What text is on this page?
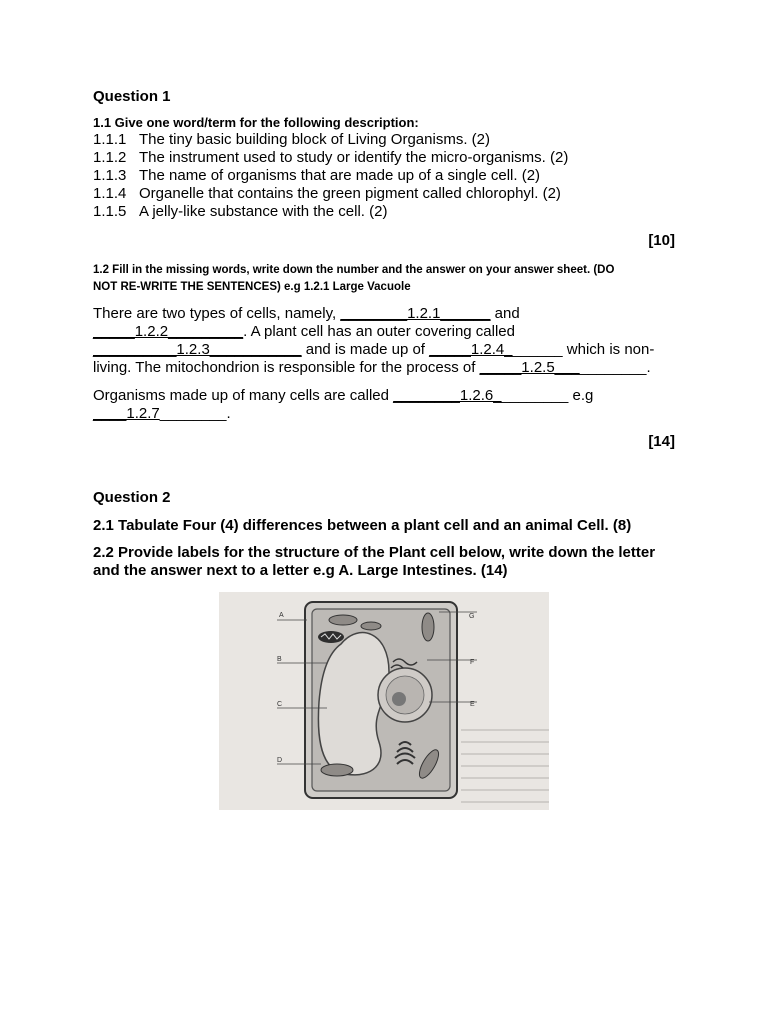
Question 1
1.1 Give one word/term for the following description:
1.1.1 The tiny basic building block of Living Organisms. (2)
1.1.2 The instrument used to study or identify the micro-organisms. (2)
1.1.3 The name of organisms that are made up of a single cell. (2)
1.1.4 Organelle that contains the green pigment called chlorophyl. (2)
1.1.5 A jelly-like substance with the cell. (2)
[10]
1.2 Fill in the missing words, write down the number and the answer on your answer sheet. (DO
NOT RE-WRITE THE SENTENCES) e.g 1.2.1 Large Vacuole
There are two types of cells, namely, ________1.2.1______ and
_____1.2.2_________. A plant cell has an outer covering called
__________1.2.3___________ and is made up of _____1.2.4_______ which is non-
living. The mitochondrion is responsible for the process of _____1.2.5___________.
Organisms made up of many cells are called ________1.2.6_________ e.g
____1.2.7________.
[14]
Question 2
2.1 Tabulate Four (4) differences between a plant cell and an animal Cell. (8)
2.2 Provide labels for the structure of the Plant cell below, write down the letter
and the answer next to a letter e.g A. Large Intestines. (14)
A
B
C
D
G
F
E
